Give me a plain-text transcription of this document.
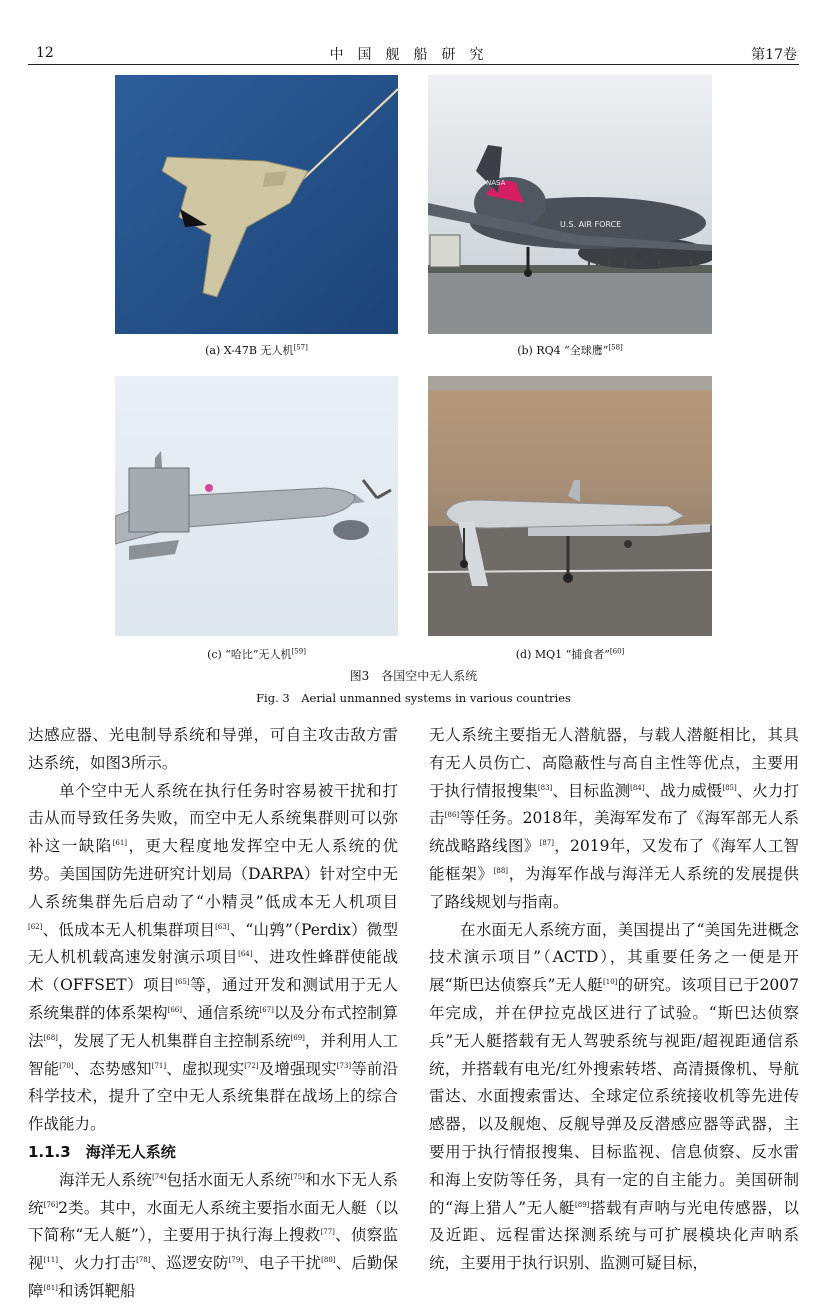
12	中国舰船研究	第17卷
NASA
U.S. AIR FORCE
(a) X-47B 无人机[57]	(b) RQ4 “全球鹰”[58]
(c) “哈比”无人机[59]	(d) MQ1 “捕食者”[60]
图3　各国空中无人系统
Fig. 3　Aerial unmanned systems in various countries

达感应器、光电制导系统和导弹，可自主攻击敌方雷达系统，如图3所示。

单个空中无人系统在执行任务时容易被干扰和打击从而导致任务失败，而空中无人系统集群则可以弥补这一缺陷[61]，更大程度地发挥空中无人系统的优势。美国国防先进研究计划局（DARPA）针对空中无人系统集群先后启动了“小精灵”低成本无人机项目[62]、低成本无人机集群项目[63]、“山鹑”（Perdix）微型无人机机载高速发射演示项目[64]、进攻性蜂群使能战术（OFFSET）项目[65]等，通过开发和测试用于无人系统集群的体系架构[66]、通信系统[67]以及分布式控制算法[68]，发展了无人机集群自主控制系统[69]，并利用人工智能[70]、态势感知[71]、虚拟现实[72]及增强现实[73]等前沿科学技术，提升了空中无人系统集群在战场上的综合作战能力。

1.1.3　海洋无人系统

海洋无人系统[74]包括水面无人系统[75]和水下无人系统[76]2类。其中，水面无人系统主要指水面无人艇（以下简称“无人艇”），主要用于执行海上搜救[77]、侦察监视[11]、火力打击[78]、巡逻安防[79]、电子干扰[80]、后勤保障[81]和诱饵靶船

无人系统主要指无人潜航器，与载人潜艇相比，其具有无人员伤亡、高隐蔽性与高自主性等优点，主要用于执行情报搜集[83]、目标监测[84]、战力威慑[85]、火力打击[86]等任务。2018年，美海军发布了《海军部无人系统战略路线图》[87]，2019年，又发布了《海军人工智能框架》[88]，为海军作战与海洋无人系统的发展提供了路线规划与指南。

在水面无人系统方面，美国提出了“美国先进概念技术演示项目”（ACTD），其重要任务之一便是开展“斯巴达侦察兵”无人艇[10]的研究。该项目已于2007年完成，并在伊拉克战区进行了试验。“斯巴达侦察兵”无人艇搭载有无人驾驶系统与视距/超视距通信系统，并搭载有电光/红外搜索转塔、高清摄像机、导航雷达、水面搜索雷达、全球定位系统接收机等先进传感器，以及舰炮、反舰导弹及反潜感应器等武器，主要用于执行情报搜集、目标监视、信息侦察、反水雷和海上安防等任务，具有一定的自主能力。美国研制的“海上猎人”无人艇[89]搭载有声呐与光电传感器，以及近距、远程雷达探测系统与可扩展模块化声呐系统，主要用于执行识别、监测可疑目标，
